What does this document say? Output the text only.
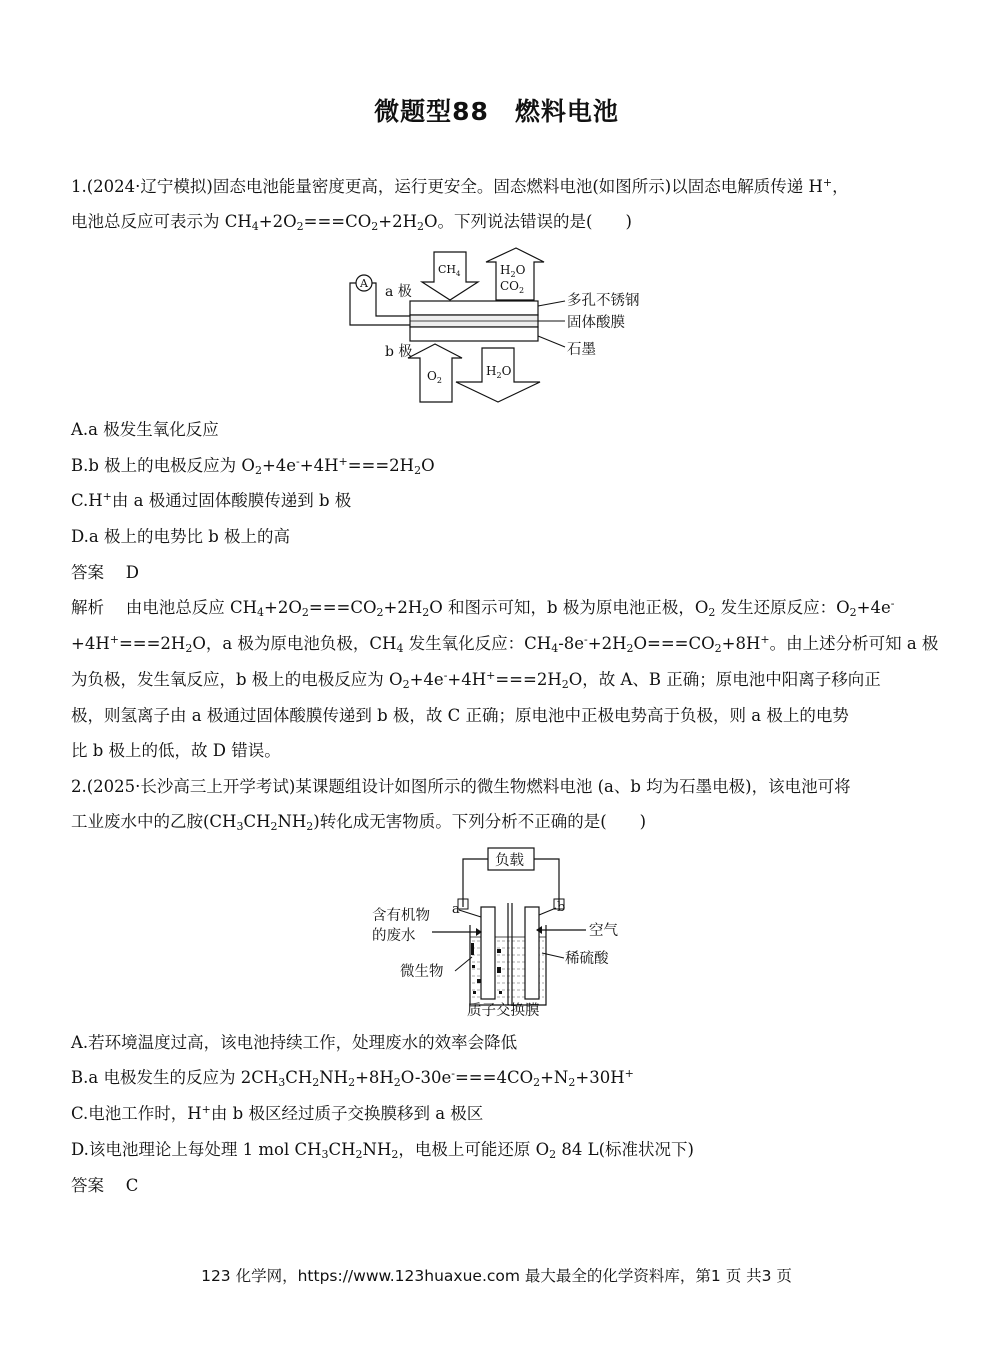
微题型88　燃料电池
1.(2024·辽宁模拟)固态电池能量密度更高，运行更安全。固态燃料电池(如图所示)以固态电解质传递 H+，
电池总反应可表示为 $CH_4+2O_2===CO_2+2H_2O$。下列说法错误的是(　　)
A
a 极
b 极
$CH_4$	$H_2O$
$CO_2$
$O_2$
$H_2O$
多孔不锈钢
固体酸膜
石墨
A.a 极发生氧化反应
B.b 极上的电极反应为 $O_2+4e^-+4H^+===2H_2O$
C.H+由 a 极通过固体酸膜传递到 b 极
D.a 极上的电势比 b 极上的高
答案　 D
解析　 由电池总反应 $CH_4+2O_2===CO_2+2H_2O$ 和图示可知，b 极为原电池正极，$O_2$ 发生还原反应：$O_2+4e^-$
$+4H^+===2H_2O$，a 极为原电池负极，$CH_4$ 发生氧化反应：$CH_4-8e^-+2H_2O===CO_2+8H^+$。由上述分析可知 a 极
为负极，发生氧反应，b 极上的电极反应为 $O_2+4e^-+4H^+===2H_2O$，故 A、B 正确；原电池中阳离子移向正
极，则氢离子由 a 极通过固体酸膜传递到 b 极，故 C 正确；原电池中正极电势高于负极，则 a 极上的电势
比 b 极上的低，故 D 错误。
2.(2025·长沙高三上开学考试)某课题组设计如图所示的微生物燃料电池 (a、b 均为石墨电极)，该电池可将
工业废水中的乙胺$(CH_3CH_2NH_2)$转化成无害物质。下列分析不正确的是(　　)
负载
a	b
含有机物
的废水	空气
微生物
稀硫酸
质子交换膜
A.若环境温度过高，该电池持续工作，处理废水的效率会降低
B.a 电极发生的反应为 $2CH_3CH_2NH_2+8H_2O-30e^-===4CO_2+N_2+30H^+$
C.电池工作时，H+由 b 极区经过质子交换膜移到 a 极区
D.该电池理论上每处理 1 mol $CH_3CH_2NH_2$，电极上可能还原 $O_2$ 84 L(标准状况下)
答案　 C
123 化学网，https://www.123huaxue.com 最大最全的化学资料库，第1 页 共3 页
